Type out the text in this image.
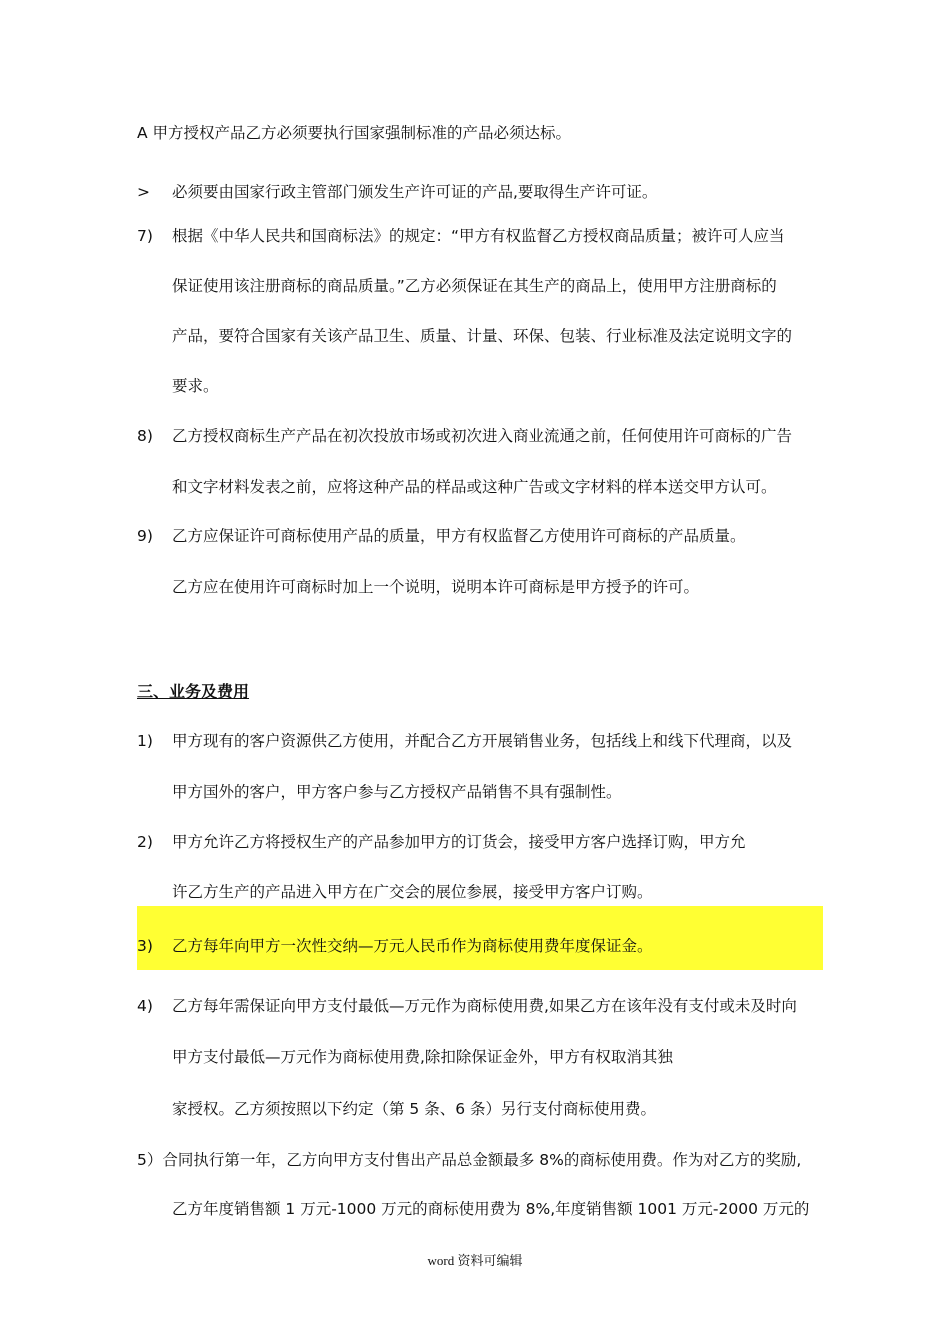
A 甲方授权产品乙方必须要执行国家强制标准的产品必须达标。
> 必须要由国家行政主管部门颁发生产许可证的产品,要取得生产许可证。
7) 根据《中华人民共和国商标法》的规定：“甲方有权监督乙方授权商品质量；被许可人应当
保证使用该注册商标的商品质量。”乙方必须保证在其生产的商品上，使用甲方注册商标的
产品，要符合国家有关该产品卫生、质量、计量、环保、包装、行业标准及法定说明文字的
要求。
8) 乙方授权商标生产产品在初次投放市场或初次进入商业流通之前，任何使用许可商标的广告
和文字材料发表之前，应将这种产品的样品或这种广告或文字材料的样本送交甲方认可。
9) 乙方应保证许可商标使用产品的质量，甲方有权监督乙方使用许可商标的产品质量。
乙方应在使用许可商标时加上一个说明，说明本许可商标是甲方授予的许可。
三、业务及费用
1) 甲方现有的客户资源供乙方使用，并配合乙方开展销售业务，包括线上和线下代理商，以及
甲方国外的客户，甲方客户参与乙方授权产品销售不具有强制性。
2) 甲方允许乙方将授权生产的产品参加甲方的订货会，接受甲方客户选择订购，甲方允
许乙方生产的产品进入甲方在广交会的展位参展，接受甲方客户订购。
3) 乙方每年向甲方一次性交纳—万元人民币作为商标使用费年度保证金。
4) 乙方每年需保证向甲方支付最低—万元作为商标使用费,如果乙方在该年没有支付或未及时向
甲方支付最低—万元作为商标使用费,除扣除保证金外，甲方有权取消其独
家授权。乙方须按照以下约定（第 5 条、6 条）另行支付商标使用费。
5）合同执行第一年，乙方向甲方支付售出产品总金额最多 8%的商标使用费。作为对乙方的奖励,
乙方年度销售额 1 万元-1000 万元的商标使用费为 8%,年度销售额 1001 万元-2000 万元的
word 资料可编辑
